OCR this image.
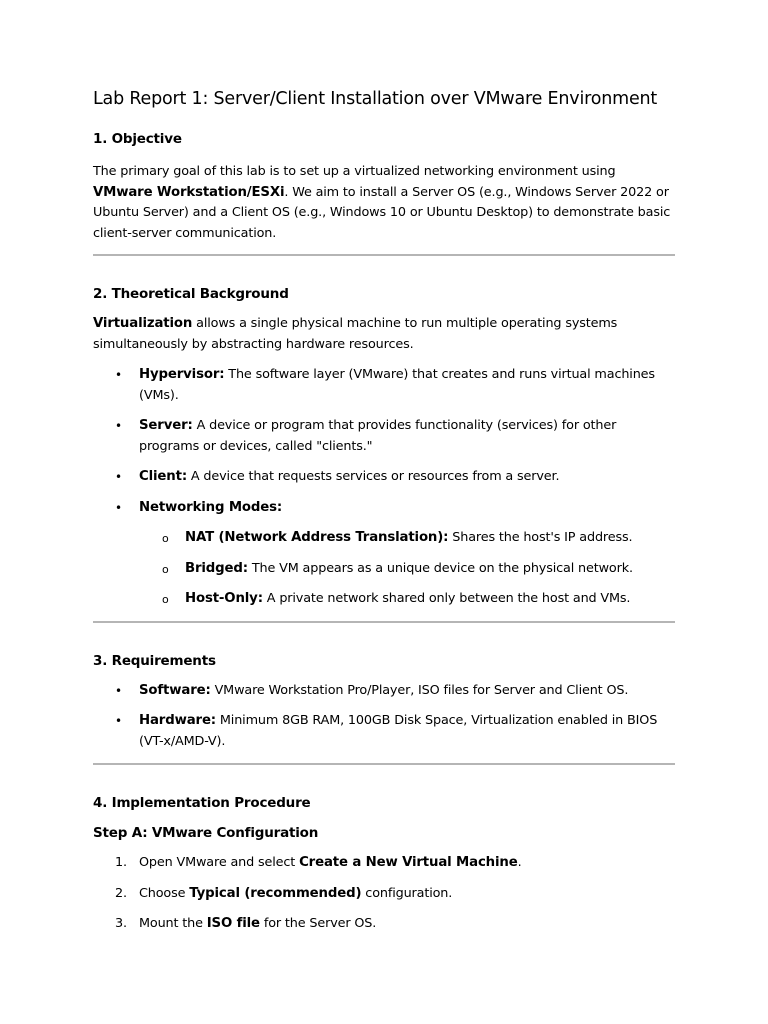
Lab Report 1: Server/Client Installation over VMware Environment
1. Objective

The primary goal of this lab is to set up a virtualized networking environment using VMware Workstation/ESXi. We aim to install a Server OS (e.g., Windows Server 2022 or Ubuntu Server) and a Client OS (e.g., Windows 10 or Ubuntu Desktop) to demonstrate basic client-server communication.

2. Theoretical Background

Virtualization allows a single physical machine to run multiple operating systems simultaneously by abstracting hardware resources.

• Hypervisor: The software layer (VMware) that creates and runs virtual machines (VMs).
• Server: A device or program that provides functionality (services) for other programs or devices, called "clients."
• Client: A device that requests services or resources from a server.
• Networking Modes:
o NAT (Network Address Translation): Shares the host's IP address.
o Bridged: The VM appears as a unique device on the physical network.
o Host-Only: A private network shared only between the host and VMs.
3. Requirements
• Software: VMware Workstation Pro/Player, ISO files for Server and Client OS.
• Hardware: Minimum 8GB RAM, 100GB Disk Space, Virtualization enabled in BIOS (VT-x/AMD-V).
4. Implementation Procedure
Step A: VMware Configuration
1. Open VMware and select Create a New Virtual Machine.
2. Choose Typical (recommended) configuration.
3. Mount the ISO file for the Server OS.
